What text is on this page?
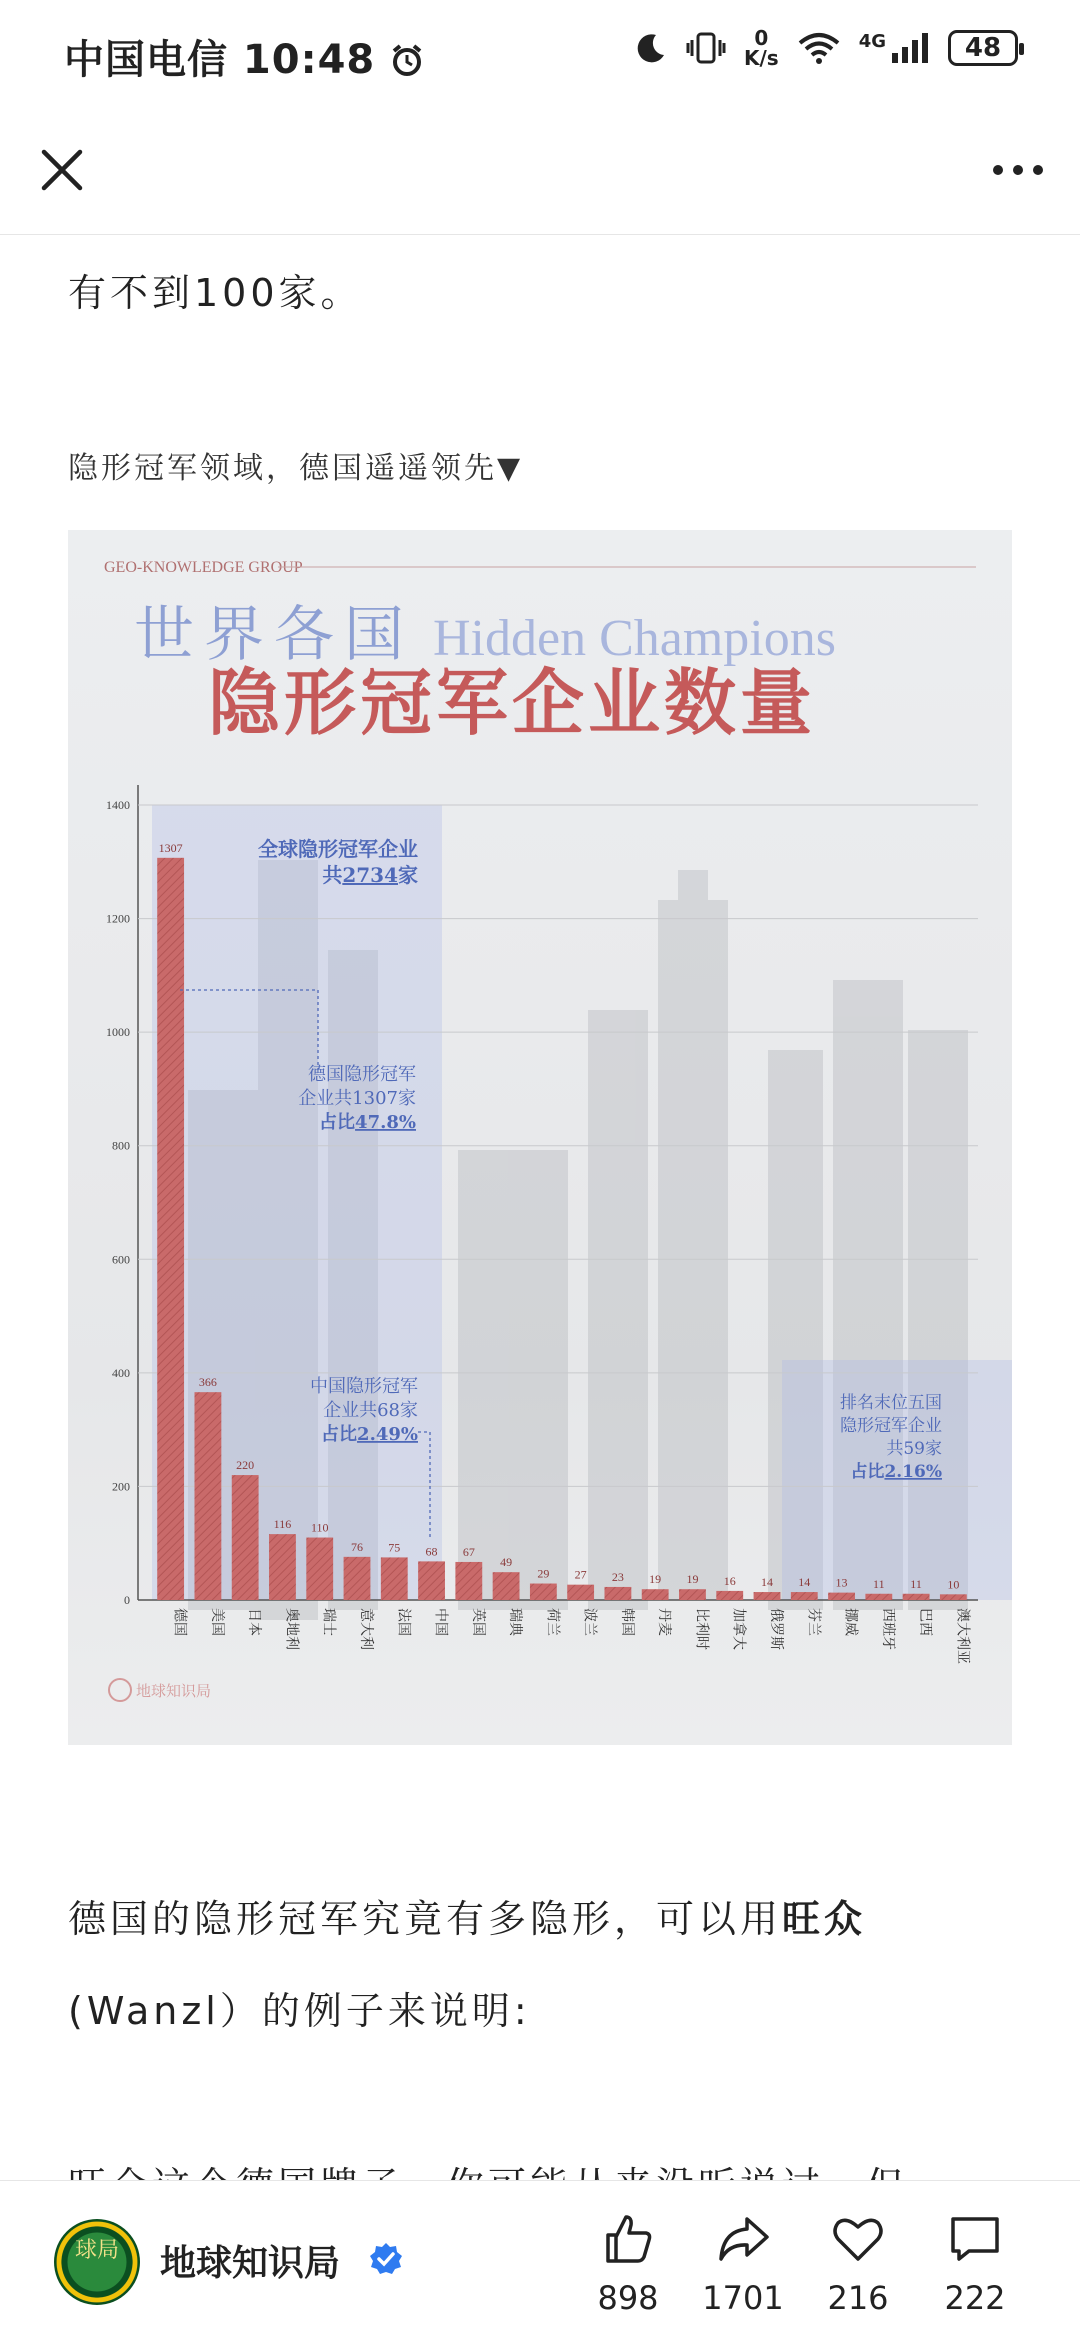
中国电信 10:48	0
K/s
4G	48
有不到100家。
隐形冠军领域，德国遥遥领先▼
GEO-KNOWLEDGE GROUP
世界各国 Hidden Champions
隐形冠军企业数量
0
200
400
600
800
1000
1200
1400
1307
德国
366
美国
220
日本
116
奥地利
110
瑞士
76
意大利
75
法国
68
中国
67
英国
49
瑞典
29
荷兰
27
波兰
23
韩国
19
丹麦
19
比利时
16
加拿大
14
俄罗斯
14
芬兰
13
挪威
11
西班牙
11
巴西
10
澳大利亚
全球隐形冠军企业
共2734家
德国隐形冠军
企业共1307家
占比47.8%
中国隐形冠军
企业共68家
占比2.49%
排名末位五国
隐形冠军企业
共59家
占比2.16%
地球知识局
德国的隐形冠军究竟有多隐形，可以用旺众
(Wanzl）的例子来说明:
球局	地球知识局
898	1701	216	222
